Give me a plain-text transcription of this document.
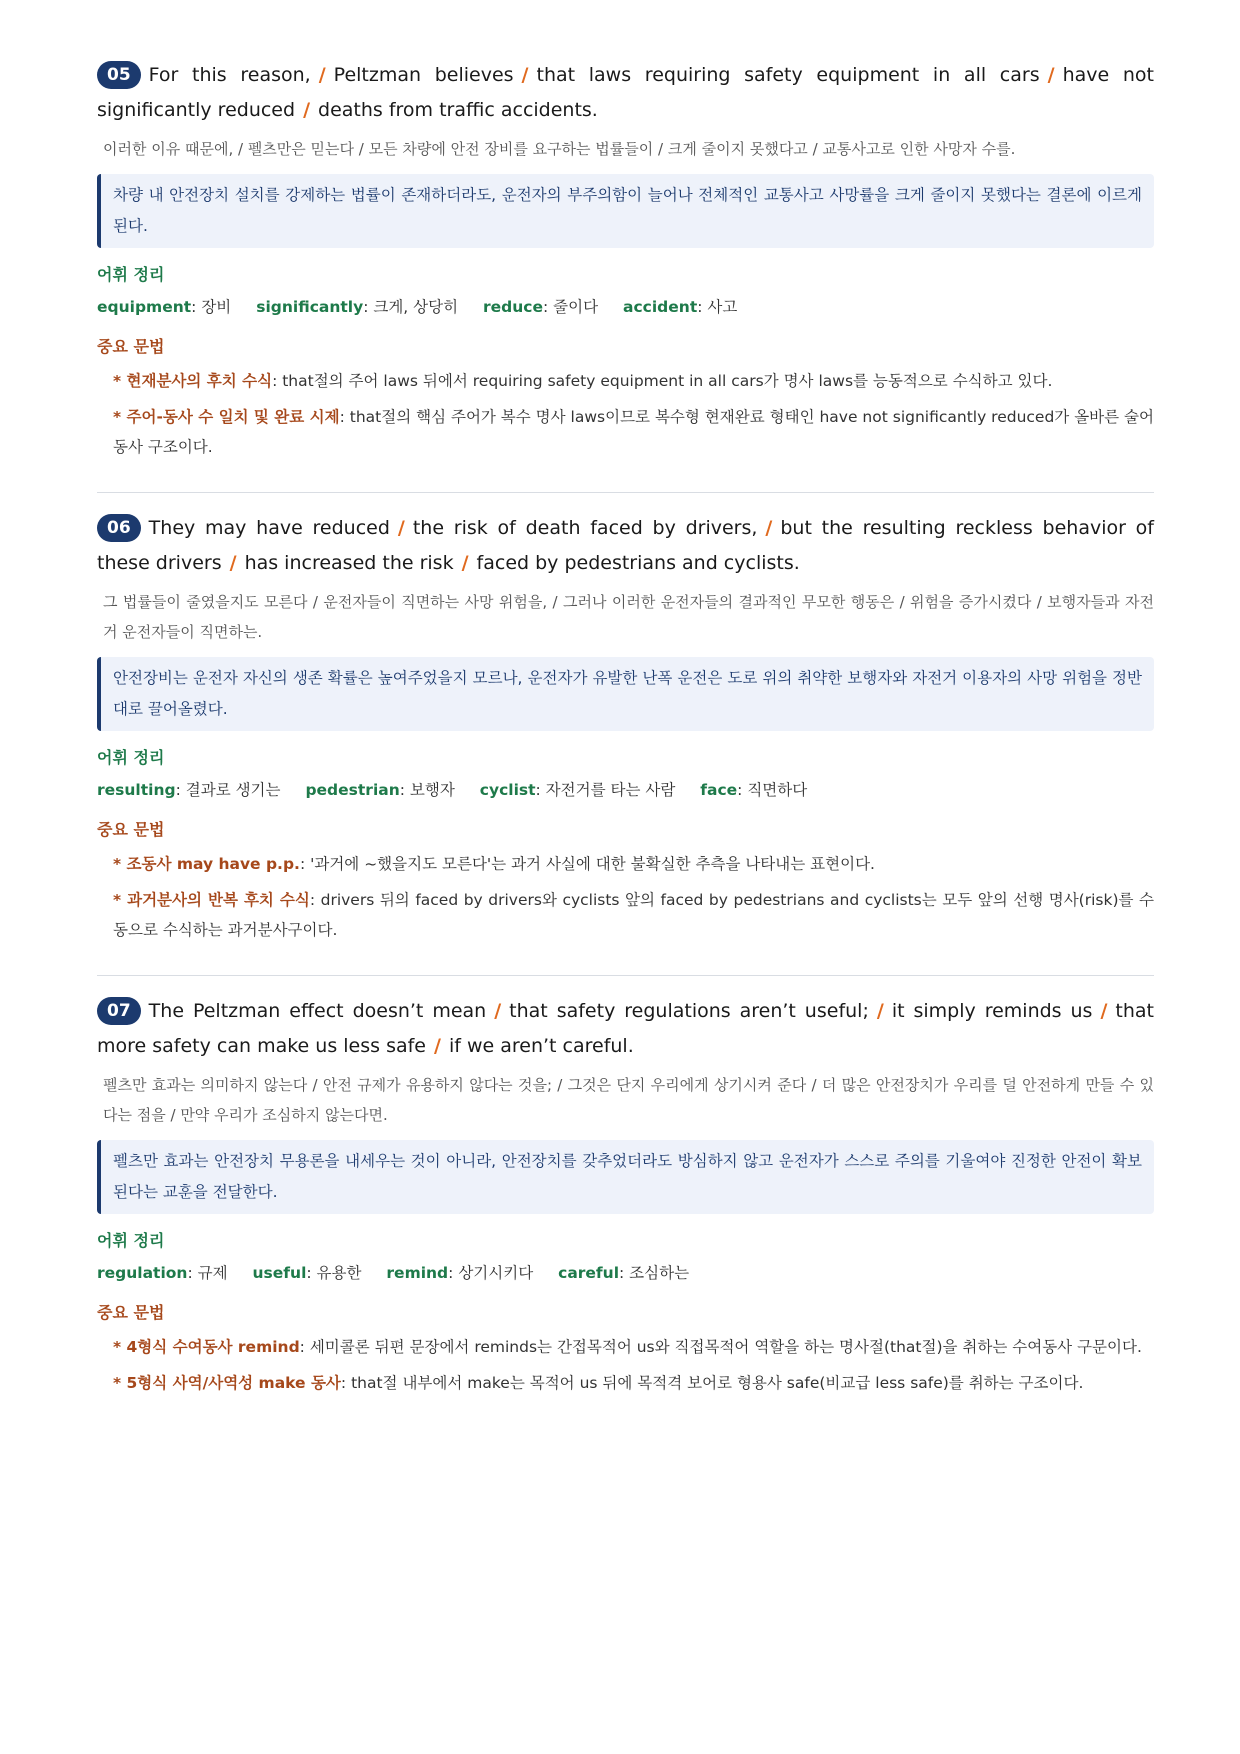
05 For this reason, / Peltzman believes / that laws requiring safety equipment in all cars / have not significantly reduced / deaths from traffic accidents.

이러한 이유 때문에, / 펠츠만은 믿는다 / 모든 차량에 안전 장비를 요구하는 법률들이 / 크게 줄이지 못했다고 / 교통사고로 인한 사망자 수를.
차량 내 안전장치 설치를 강제하는 법률이 존재하더라도, 운전자의 부주의함이 늘어나 전체적인 교통사고 사망률을 크게 줄이지 못했다는 결론에 이르게 된다.
어휘 정리
equipment: 장비 significantly: 크게, 상당히 reduce: 줄이다 accident: 사고
중요 문법
* 현재분사의 후치 수식: that절의 주어 laws 뒤에서 requiring safety equipment in all cars가 명사 laws를 능동적으로 수식하고 있다.
* 주어-동사 수 일치 및 완료 시제: that절의 핵심 주어가 복수 명사 laws이므로 복수형 현재완료 형태인 have not significantly reduced가 올바른 술어 동사 구조이다.

06 They may have reduced / the risk of death faced by drivers, / but the resulting reckless behavior of these drivers / has increased the risk / faced by pedestrians and cyclists.

그 법률들이 줄였을지도 모른다 / 운전자들이 직면하는 사망 위험을, / 그러나 이러한 운전자들의 결과적인 무모한 행동은 / 위험을 증가시켰다 / 보행자들과 자전거 운전자들이 직면하는.
안전장비는 운전자 자신의 생존 확률은 높여주었을지 모르나, 운전자가 유발한 난폭 운전은 도로 위의 취약한 보행자와 자전거 이용자의 사망 위험을 정반대로 끌어올렸다.
어휘 정리
resulting: 결과로 생기는 pedestrian: 보행자 cyclist: 자전거를 타는 사람 face: 직면하다
중요 문법
* 조동사 may have p.p.: '과거에 ~했을지도 모른다'는 과거 사실에 대한 불확실한 추측을 나타내는 표현이다.
* 과거분사의 반복 후치 수식: drivers 뒤의 faced by drivers와 cyclists 앞의 faced by pedestrians and cyclists는 모두 앞의 선행 명사(risk)를 수동으로 수식하는 과거분사구이다.

07 The Peltzman effect doesn’t mean / that safety regulations aren’t useful; / it simply reminds us / that more safety can make us less safe / if we aren’t careful.

펠츠만 효과는 의미하지 않는다 / 안전 규제가 유용하지 않다는 것을; / 그것은 단지 우리에게 상기시켜 준다 / 더 많은 안전장치가 우리를 덜 안전하게 만들 수 있다는 점을 / 만약 우리가 조심하지 않는다면.
펠츠만 효과는 안전장치 무용론을 내세우는 것이 아니라, 안전장치를 갖추었더라도 방심하지 않고 운전자가 스스로 주의를 기울여야 진정한 안전이 확보된다는 교훈을 전달한다.
어휘 정리
regulation: 규제 useful: 유용한 remind: 상기시키다 careful: 조심하는
중요 문법
* 4형식 수여동사 remind: 세미콜론 뒤편 문장에서 reminds는 간접목적어 us와 직접목적어 역할을 하는 명사절(that절)을 취하는 수여동사 구문이다.
* 5형식 사역/사역성 make 동사: that절 내부에서 make는 목적어 us 뒤에 목적격 보어로 형용사 safe(비교급 less safe)를 취하는 구조이다.
